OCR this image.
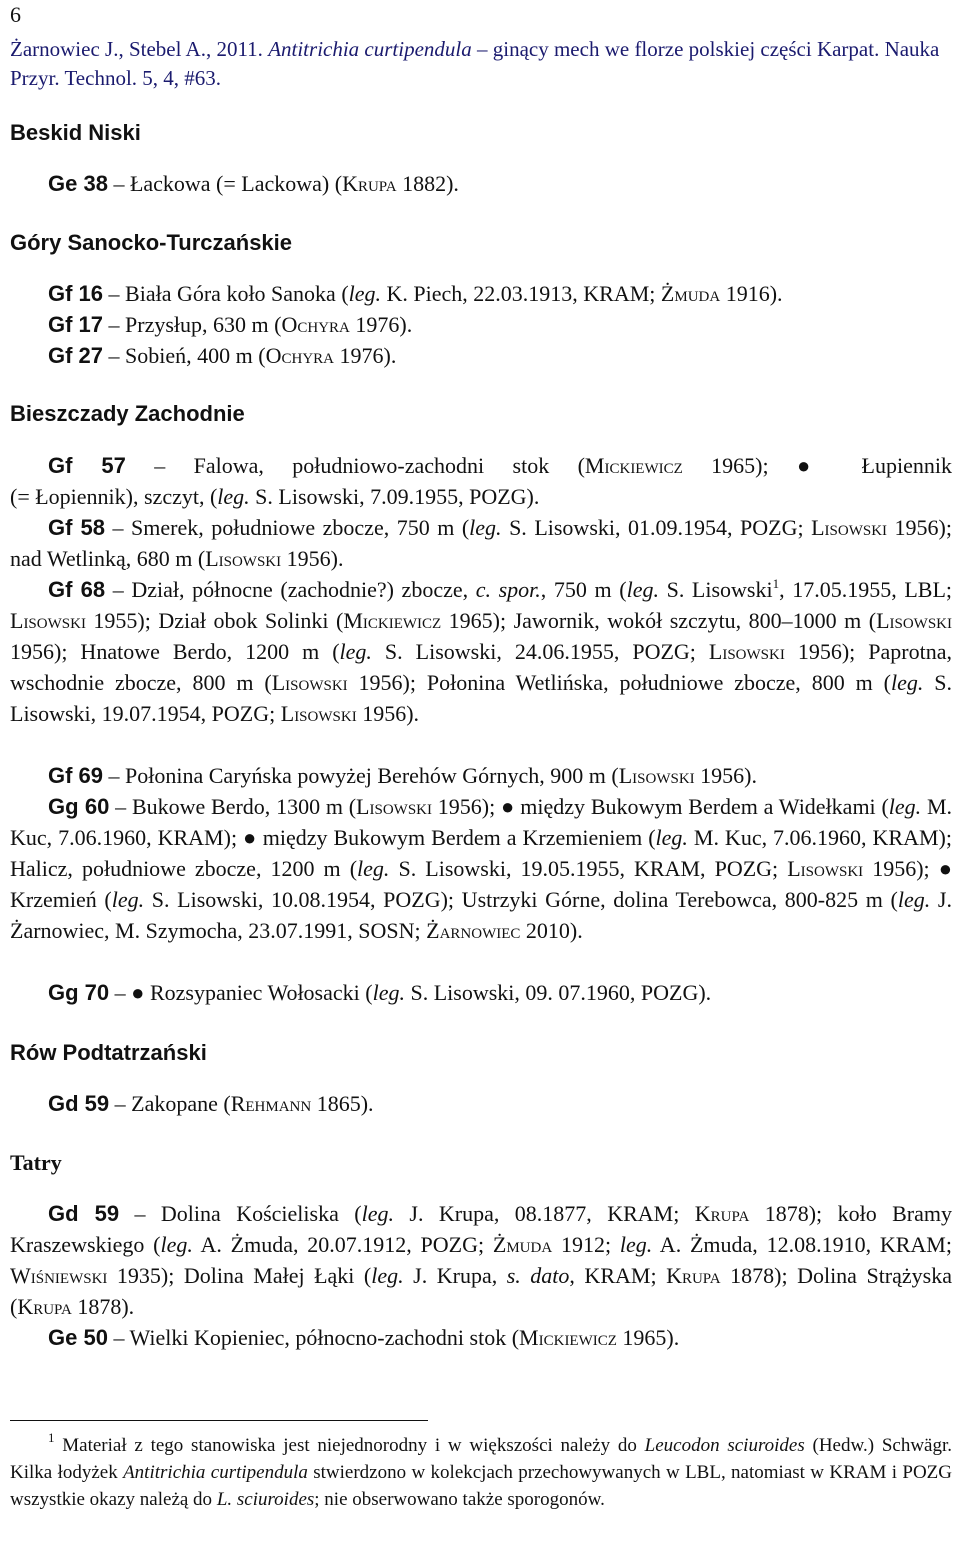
6

Żarnowiec J., Stebel A., 2011. Antitrichia curtipendula – ginący mech we florze polskiej części Karpat. Nauka Przyr. Technol. 5, 4, #63.

Beskid Niski

Ge 38 – Łackowa (= Lackowa) (Krupa 1882).

Góry Sanocko-Turczańskie

Gf 16 – Biała Góra koło Sanoka (leg. K. Piech, 22.03.1913, KRAM; Żmuda 1916).

Gf 17 – Przysłup, 630 m (Ochyra 1976).

Gf 27 – Sobień, 400 m (Ochyra 1976).

Bieszczady Zachodnie
Gf 57 – Falowa, południowo-zachodni stok (Mickiewicz 1965); ● Łupiennik
(= Łopiennik), szczyt, (leg. S. Lisowski, 7.09.1955, POZG).

Gf 58 – Smerek, południowe zbocze, 750 m (leg. S. Lisowski, 01.09.1954, POZG; Lisowski 1956); nad Wetlinką, 680 m (Lisowski 1956).

Gf 68 – Dział, północne (zachodnie?) zbocze, c. spor., 750 m (leg. S. Lisowski$^1$, 17.05.1955, LBL; Lisowski 1955); Dział obok Solinki (Mickiewicz 1965); Jawornik, wokół szczytu, 800–1000 m (Lisowski 1956); Hnatowe Berdo, 1200 m (leg. S. Lisowski, 24.06.1955, POZG; Lisowski 1956); Paprotna, wschodnie zbocze, 800 m (Lisowski 1956); Połonina Wetlińska, południowe zbocze, 800 m (leg. S. Lisowski, 19.07.1954, POZG; Lisowski 1956).

Gf 69 – Połonina Caryńska powyżej Berehów Górnych, 900 m (Lisowski 1956).

Gg 60 – Bukowe Berdo, 1300 m (Lisowski 1956); ● między Bukowym Berdem a Widełkami (leg. M. Kuc, 7.06.1960, KRAM); ● między Bukowym Berdem a Krzemieniem (leg. M. Kuc, 7.06.1960, KRAM); Halicz, południowe zbocze, 1200 m (leg. S. Lisowski, 19.05.1955, KRAM, POZG; Lisowski 1956); ● Krzemień (leg. S. Lisowski, 10.08.1954, POZG); Ustrzyki Górne, dolina Terebowca, 800-825 m (leg. J. Żarnowiec, M. Szymocha, 23.07.1991, SOSN; Żarnowiec 2010).

Gg 70 – ● Rozsypaniec Wołosacki (leg. S. Lisowski, 09. 07.1960, POZG).

Rów Podtatrzański

Gd 59 – Zakopane (Rehmann 1865).

Tatry

Gd 59 – Dolina Kościeliska (leg. J. Krupa, 08.1877, KRAM; Krupa 1878); koło Bramy Kraszewskiego (leg. A. Żmuda, 20.07.1912, POZG; Żmuda 1912; leg. A. Żmuda, 12.08.1910, KRAM; Wiśniewski 1935); Dolina Małej Łąki (leg. J. Krupa, s. dato, KRAM; Krupa 1878); Dolina Strążyska (Krupa 1878).

Ge 50 – Wielki Kopieniec, północno-zachodni stok (Mickiewicz 1965).

$^1$ Materiał z tego stanowiska jest niejednorodny i w większości należy do Leucodon sciuroides (Hedw.) Schwägr. Kilka łodyżek Antitrichia curtipendula stwierdzono w kolekcjach przechowywanych w LBL, natomiast w KRAM i POZG wszystkie okazy należą do L. sciuroides; nie obserwowano także sporogonów.
